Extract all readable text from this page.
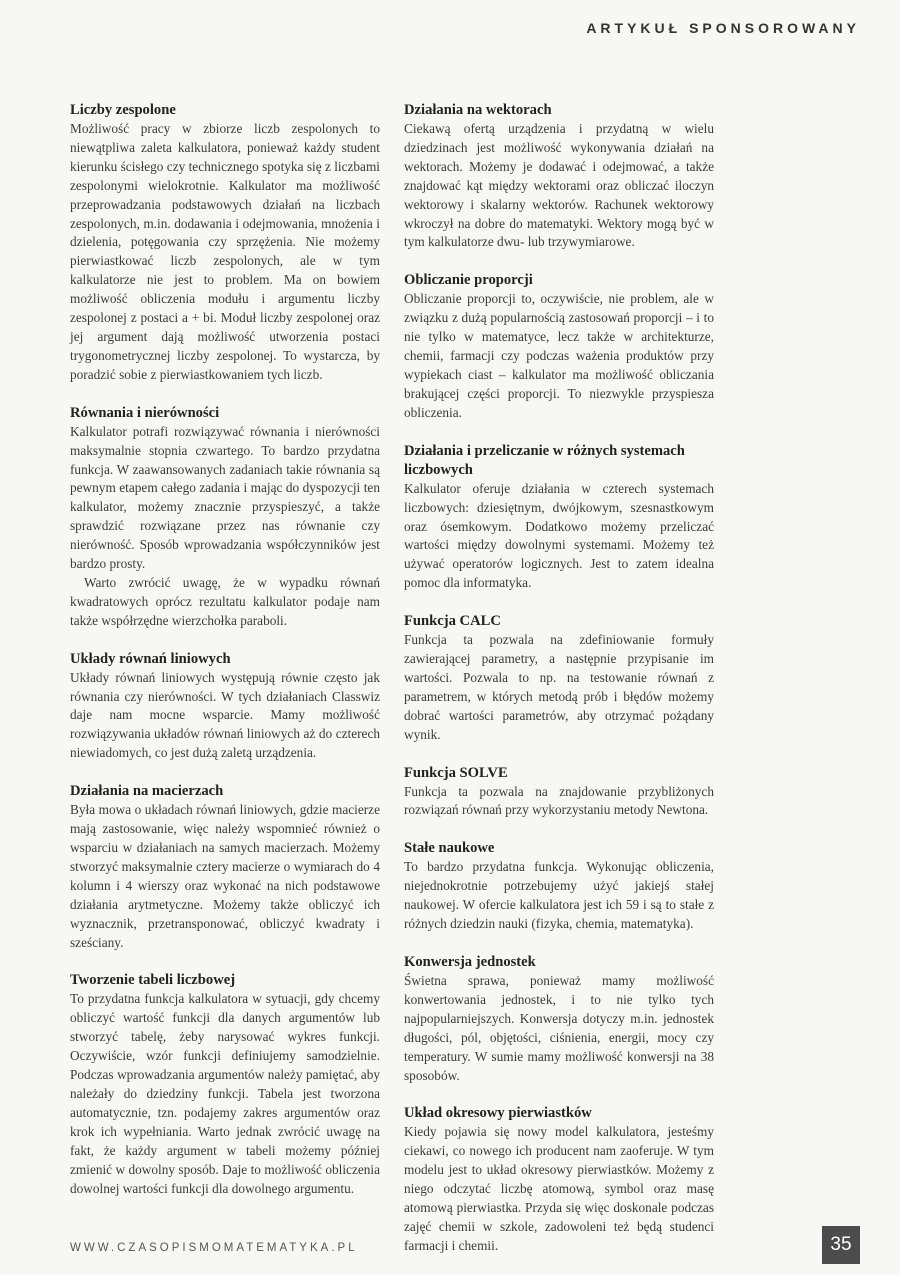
ARTYKUŁ SPONSOROWANY
Liczby zespolone

Możliwość pracy w zbiorze liczb zespolonych to niewątpliwa zaleta kalkulatora, ponieważ każdy student kierunku ścisłego czy technicznego spotyka się z liczbami zespolonymi wielokrotnie. Kalkulator ma możliwość przeprowadzania podstawowych działań na liczbach zespolonych, m.in. dodawania i odejmowania, mnożenia i dzielenia, potęgowania czy sprzężenia. Nie możemy pierwiastkować liczb zespolonych, ale w tym kalkulatorze nie jest to problem. Ma on bowiem możliwość obliczenia modułu i argumentu liczby zespolonej z postaci a + bi. Moduł liczby zespolonej oraz jej argument dają możliwość utworzenia postaci trygonometrycznej liczby zespolonej. To wystarcza, by poradzić sobie z pierwiastkowaniem tych liczb.

Równania i nierówności

Kalkulator potrafi rozwiązywać równania i nierówności maksymalnie stopnia czwartego. To bardzo przydatna funkcja. W zaawansowanych zadaniach takie równania są pewnym etapem całego zadania i mając do dyspozycji ten kalkulator, możemy znacznie przyspieszyć, a także sprawdzić rozwiązane przez nas równanie czy nierówność. Sposób wprowadzania współczynników jest bardzo prosty.

Warto zwrócić uwagę, że w wypadku równań kwadratowych oprócz rezultatu kalkulator podaje nam także współrzędne wierzchołka paraboli.

Układy równań liniowych

Układy równań liniowych występują równie często jak równania czy nierówności. W tych działaniach Classwiz daje nam mocne wsparcie. Mamy możliwość rozwiązywania układów równań liniowych aż do czterech niewiadomych, co jest dużą zaletą urządzenia.

Działania na macierzach

Była mowa o układach równań liniowych, gdzie macierze mają zastosowanie, więc należy wspomnieć również o wsparciu w działaniach na samych macierzach. Możemy stworzyć maksymalnie cztery macierze o wymiarach do 4 kolumn i 4 wierszy oraz wykonać na nich podstawowe działania arytmetyczne. Możemy także obliczyć ich wyznacznik, przetransponować, obliczyć kwadraty i sześciany.

Tworzenie tabeli liczbowej

To przydatna funkcja kalkulatora w sytuacji, gdy chcemy obliczyć wartość funkcji dla danych argumentów lub stworzyć tabelę, żeby narysować wykres funkcji. Oczywiście, wzór funkcji definiujemy samodzielnie. Podczas wprowadzania argumentów należy pamiętać, aby należały do dziedziny funkcji. Tabela jest tworzona automatycznie, tzn. podajemy zakres argumentów oraz krok ich wypełniania. Warto jednak zwrócić uwagę na fakt, że każdy argument w tabeli możemy później zmienić w dowolny sposób. Daje to możliwość obliczenia dowolnej wartości funkcji dla dowolnego argumentu.

Działania na wektorach

Ciekawą ofertą urządzenia i przydatną w wielu dziedzinach jest możliwość wykonywania działań na wektorach. Możemy je dodawać i odejmować, a także znajdować kąt między wektorami oraz obliczać iloczyn wektorowy i skalarny wektorów. Rachunek wektorowy wkroczył na dobre do matematyki. Wektory mogą być w tym kalkulatorze dwu- lub trzywymiarowe.

Obliczanie proporcji

Obliczanie proporcji to, oczywiście, nie problem, ale w związku z dużą popularnością zastosowań proporcji – i to nie tylko w matematyce, lecz także w architekturze, chemii, farmacji czy podczas ważenia produktów przy wypiekach ciast – kalkulator ma możliwość obliczania brakującej części proporcji. To niezwykle przyspiesza obliczenia.

Działania i przeliczanie w różnych systemach liczbowych

Kalkulator oferuje działania w czterech systemach liczbowych: dziesiętnym, dwójkowym, szesnastkowym oraz ósemkowym. Dodatkowo możemy przeliczać wartości między dowolnymi systemami. Możemy też używać operatorów logicznych. Jest to zatem idealna pomoc dla informatyka.

Funkcja CALC

Funkcja ta pozwala na zdefiniowanie formuły zawierającej parametry, a następnie przypisanie im wartości. Pozwala to np. na testowanie równań z parametrem, w których metodą prób i błędów możemy dobrać wartości parametrów, aby otrzymać pożądany wynik.

Funkcja SOLVE

Funkcja ta pozwala na znajdowanie przybliżonych rozwiązań równań przy wykorzystaniu metody Newtona.

Stałe naukowe

To bardzo przydatna funkcja. Wykonując obliczenia, niejednokrotnie potrzebujemy użyć jakiejś stałej naukowej. W ofercie kalkulatora jest ich 59 i są to stałe z różnych dziedzin nauki (fizyka, chemia, matematyka).

Konwersja jednostek

Świetna sprawa, ponieważ mamy możliwość konwertowania jednostek, i to nie tylko tych najpopularniejszych. Konwersja dotyczy m.in. jednostek długości, pól, objętości, ciśnienia, energii, mocy czy temperatury. W sumie mamy możliwość konwersji na 38 sposobów.

Układ okresowy pierwiastków

Kiedy pojawia się nowy model kalkulatora, jesteśmy ciekawi, co nowego ich producent nam zaoferuje. W tym modelu jest to układ okresowy pierwiastków. Możemy z niego odczytać liczbę atomową, symbol oraz masę atomową pierwiastka. Przyda się więc doskonale podczas zajęć chemii w szkole, zadowoleni też będą studenci farmacji i chemii.

WWW.CZASOPISMOMATEMATYKA.PL	35
